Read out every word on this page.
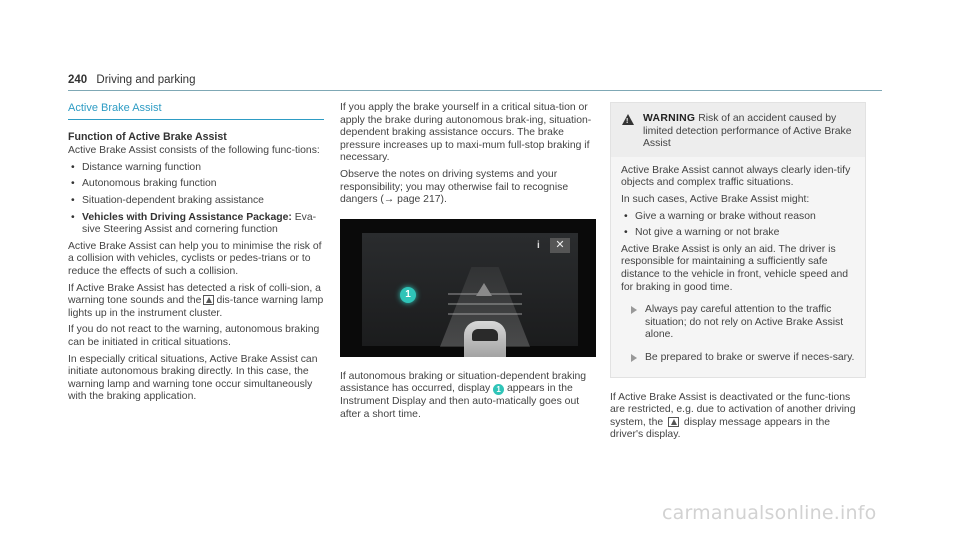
240 Driving and parking
Active Brake Assist
Function of Active Brake Assist

Active Brake Assist consists of the following func-tions:

• Distance warning function
• Autonomous braking function
• Situation-dependent braking assistance
• Vehicles with Driving Assistance Package: Eva-sive Steering Assist and cornering function

Active Brake Assist can help you to minimise the risk of a collision with vehicles, cyclists or pedes-trians or to reduce the effects of such a collision.

If Active Brake Assist has detected a risk of colli-sion, a warning tone sounds and the dis-tance warning lamp lights up in the instrument cluster.

If you do not react to the warning, autonomous braking can be initiated in critical situations.

In especially critical situations, Active Brake Assist can initiate autonomous braking directly. In this case, the warning lamp and warning tone occur simultaneously with the braking application.

If you apply the brake yourself in a critical situa-tion or apply the brake during autonomous brak-ing, situation-dependent braking assistance occurs. The brake pressure increases up to maxi-mum full-stop braking if necessary.

Observe the notes on driving systems and your responsibility; you may otherwise fail to recognise dangers (→ page 217).

i	✕
1

If autonomous braking or situation-dependent braking assistance has occurred, display 1 appears in the Instrument Display and then auto-matically goes out after a short time.

!
WARNING Risk of an accident caused by limited detection performance of Active Brake Assist

Active Brake Assist cannot always clearly iden-tify objects and complex traffic situations.

In such cases, Active Brake Assist might:

• Give a warning or brake without reason
• Not give a warning or not brake

Active Brake Assist is only an aid. The driver is responsible for maintaining a sufficiently safe distance to the vehicle in front, vehicle speed and for braking in good time.

Always pay careful attention to the traffic situation; do not rely on Active Brake Assist alone.
Be prepared to brake or swerve if neces-sary.

If Active Brake Assist is deactivated or the func-tions are restricted, e.g. due to activation of another driving system, the display message appears in the driver's display.

carmanualsonline.info
